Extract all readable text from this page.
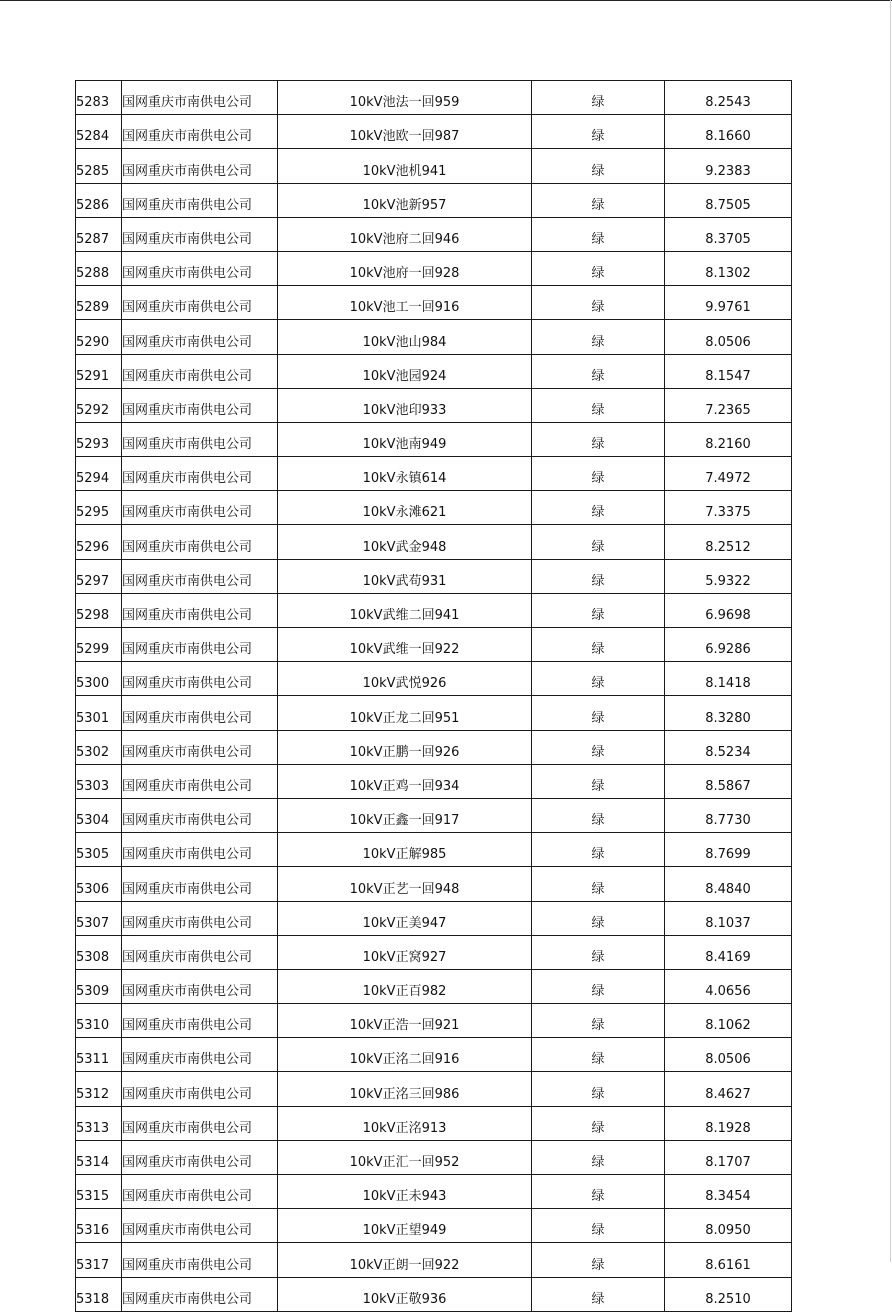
5283	国网重庆市南供电公司	10kV池法一回959	绿	8.2543
5284	国网重庆市南供电公司	10kV池欧一回987	绿	8.1660
5285	国网重庆市南供电公司	10kV池机941	绿	9.2383
5286	国网重庆市南供电公司	10kV池新957	绿	8.7505
5287	国网重庆市南供电公司	10kV池府二回946	绿	8.3705
5288	国网重庆市南供电公司	10kV池府一回928	绿	8.1302
5289	国网重庆市南供电公司	10kV池工一回916	绿	9.9761
5290	国网重庆市南供电公司	10kV池山984	绿	8.0506
5291	国网重庆市南供电公司	10kV池园924	绿	8.1547
5292	国网重庆市南供电公司	10kV池印933	绿	7.2365
5293	国网重庆市南供电公司	10kV池南949	绿	8.2160
5294	国网重庆市南供电公司	10kV永镇614	绿	7.4972
5295	国网重庆市南供电公司	10kV永滩621	绿	7.3375
5296	国网重庆市南供电公司	10kV武金948	绿	8.2512
5297	国网重庆市南供电公司	10kV武苟931	绿	5.9322
5298	国网重庆市南供电公司	10kV武维二回941	绿	6.9698
5299	国网重庆市南供电公司	10kV武维一回922	绿	6.9286
5300	国网重庆市南供电公司	10kV武悦926	绿	8.1418
5301	国网重庆市南供电公司	10kV正龙二回951	绿	8.3280
5302	国网重庆市南供电公司	10kV正鹏一回926	绿	8.5234
5303	国网重庆市南供电公司	10kV正鸡一回934	绿	8.5867
5304	国网重庆市南供电公司	10kV正鑫一回917	绿	8.7730
5305	国网重庆市南供电公司	10kV正解985	绿	8.7699
5306	国网重庆市南供电公司	10kV正艺一回948	绿	8.4840
5307	国网重庆市南供电公司	10kV正美947	绿	8.1037
5308	国网重庆市南供电公司	10kV正窝927	绿	8.4169
5309	国网重庆市南供电公司	10kV正百982	绿	4.0656
5310	国网重庆市南供电公司	10kV正浩一回921	绿	8.1062
5311	国网重庆市南供电公司	10kV正洺二回916	绿	8.0506
5312	国网重庆市南供电公司	10kV正洺三回986	绿	8.4627
5313	国网重庆市南供电公司	10kV正洺913	绿	8.1928
5314	国网重庆市南供电公司	10kV正汇一回952	绿	8.1707
5315	国网重庆市南供电公司	10kV正未943	绿	8.3454
5316	国网重庆市南供电公司	10kV正望949	绿	8.0950
5317	国网重庆市南供电公司	10kV正朗一回922	绿	8.6161
5318	国网重庆市南供电公司	10kV正敬936	绿	8.2510
